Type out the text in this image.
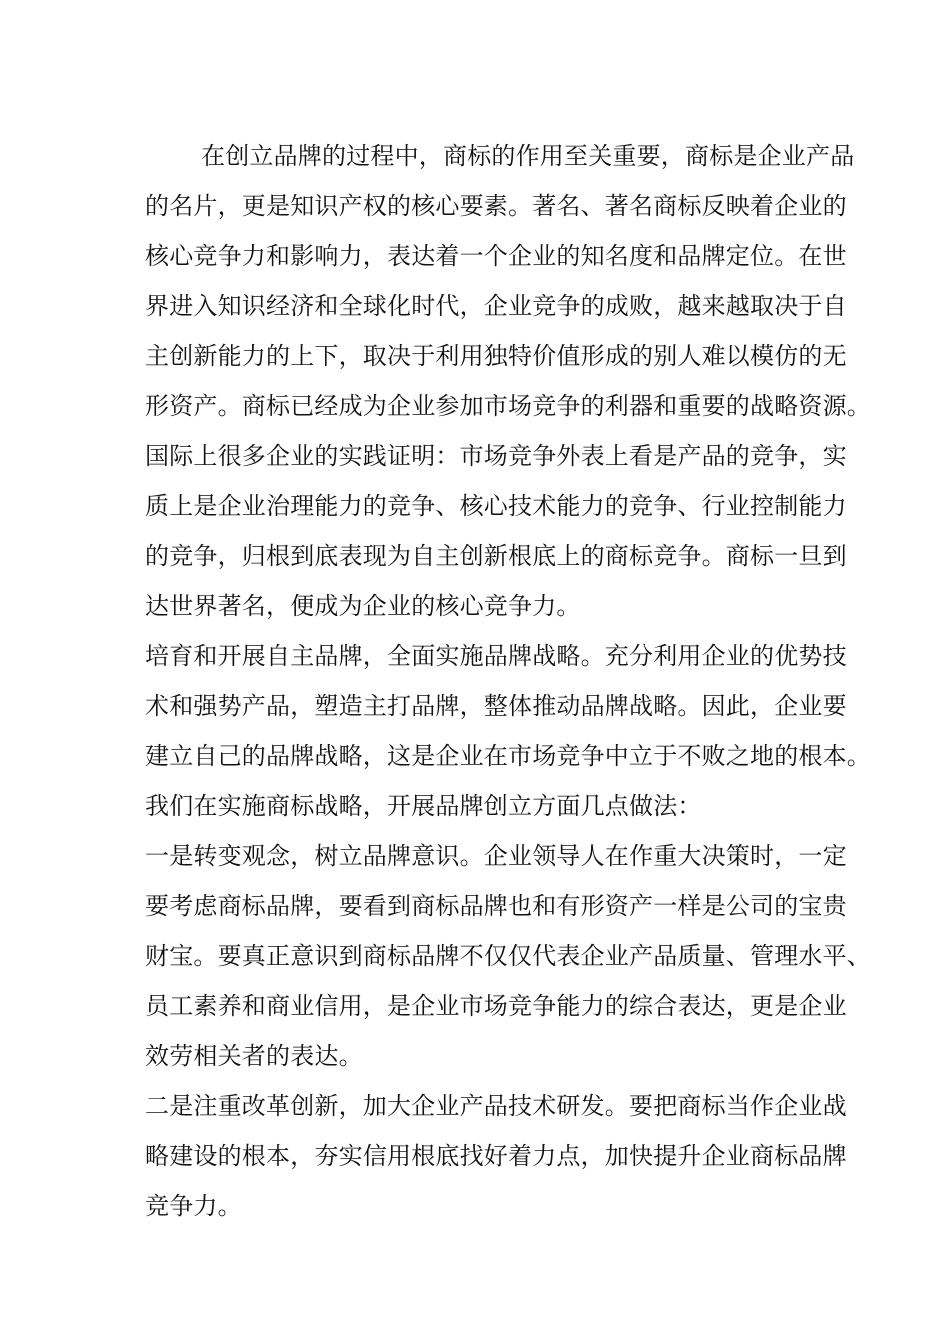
在创立品牌的过程中，商标的作用至关重要，商标是企业产品
的名片，更是知识产权的核心要素。著名、著名商标反映着企业的
核心竞争力和影响力，表达着一个企业的知名度和品牌定位。在世
界进入知识经济和全球化时代，企业竞争的成败，越来越取决于自
主创新能力的上下，取决于利用独特价值形成的别人难以模仿的无
形资产。商标已经成为企业参加市场竞争的利器和重要的战略资源。
国际上很多企业的实践证明：市场竞争外表上看是产品的竞争，实
质上是企业治理能力的竞争、核心技术能力的竞争、行业控制能力
的竞争，归根到底表现为自主创新根底上的商标竞争。商标一旦到
达世界著名，便成为企业的核心竞争力。
培育和开展自主品牌，全面实施品牌战略。充分利用企业的优势技
术和强势产品，塑造主打品牌，整体推动品牌战略。因此，企业要
建立自己的品牌战略，这是企业在市场竞争中立于不败之地的根本。
我们在实施商标战略，开展品牌创立方面几点做法：
一是转变观念，树立品牌意识。企业领导人在作重大决策时，一定
要考虑商标品牌，要看到商标品牌也和有形资产一样是公司的宝贵
财宝。要真正意识到商标品牌不仅仅代表企业产品质量、管理水平、
员工素养和商业信用，是企业市场竞争能力的综合表达，更是企业
效劳相关者的表达。
二是注重改革创新，加大企业产品技术研发。要把商标当作企业战
略建设的根本，夯实信用根底找好着力点，加快提升企业商标品牌
竞争力。
